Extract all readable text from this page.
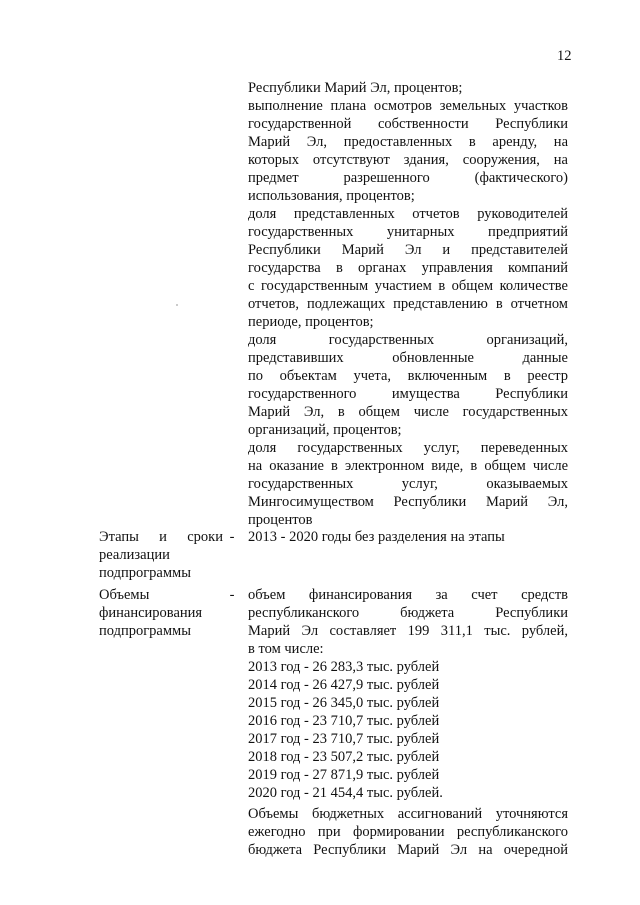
12
Республики Марий Эл, процентов;
выполнение плана осмотров земельных участков
государственной собственности Республики
Марий Эл, предоставленных в аренду, на
которых отсутствуют здания, сооружения, на
предмет разрешенного (фактического)
использования, процентов;
доля представленных отчетов руководителей
государственных унитарных предприятий
Республики Марий Эл и представителей
государства в органах управления компаний
с государственным участием в общем количестве
отчетов, подлежащих представлению в отчетном
периоде, процентов;
доля государственных организаций,
представивших обновленные данные
по объектам учета, включенным в реестр
государственного имущества Республики
Марий Эл, в общем числе государственных
организаций, процентов;
доля государственных услуг, переведенных
на оказание в электронном виде, в общем числе
государственных услуг, оказываемых
Мингосимуществом Республики Марий Эл,
процентов
Этапы и сроки
реализации
подпрограммы
- 2013 - 2020 годы без разделения на этапы
Объемы
финансирования
подпрограммы
- объем финансирования за счет средств
республиканского бюджета Республики
Марий Эл составляет 199 311,1 тыс. рублей,
в том числе:
2013 год - 26 283,3 тыс. рублей
2014 год - 26 427,9 тыс. рублей
2015 год - 26 345,0 тыс. рублей
2016 год - 23 710,7 тыс. рублей
2017 год - 23 710,7 тыс. рублей
2018 год - 23 507,2 тыс. рублей
2019 год - 27 871,9 тыс. рублей
2020 год - 21 454,4 тыс. рублей.
Объемы бюджетных ассигнований уточняются
ежегодно при формировании республиканского
бюджета Республики Марий Эл на очередной
